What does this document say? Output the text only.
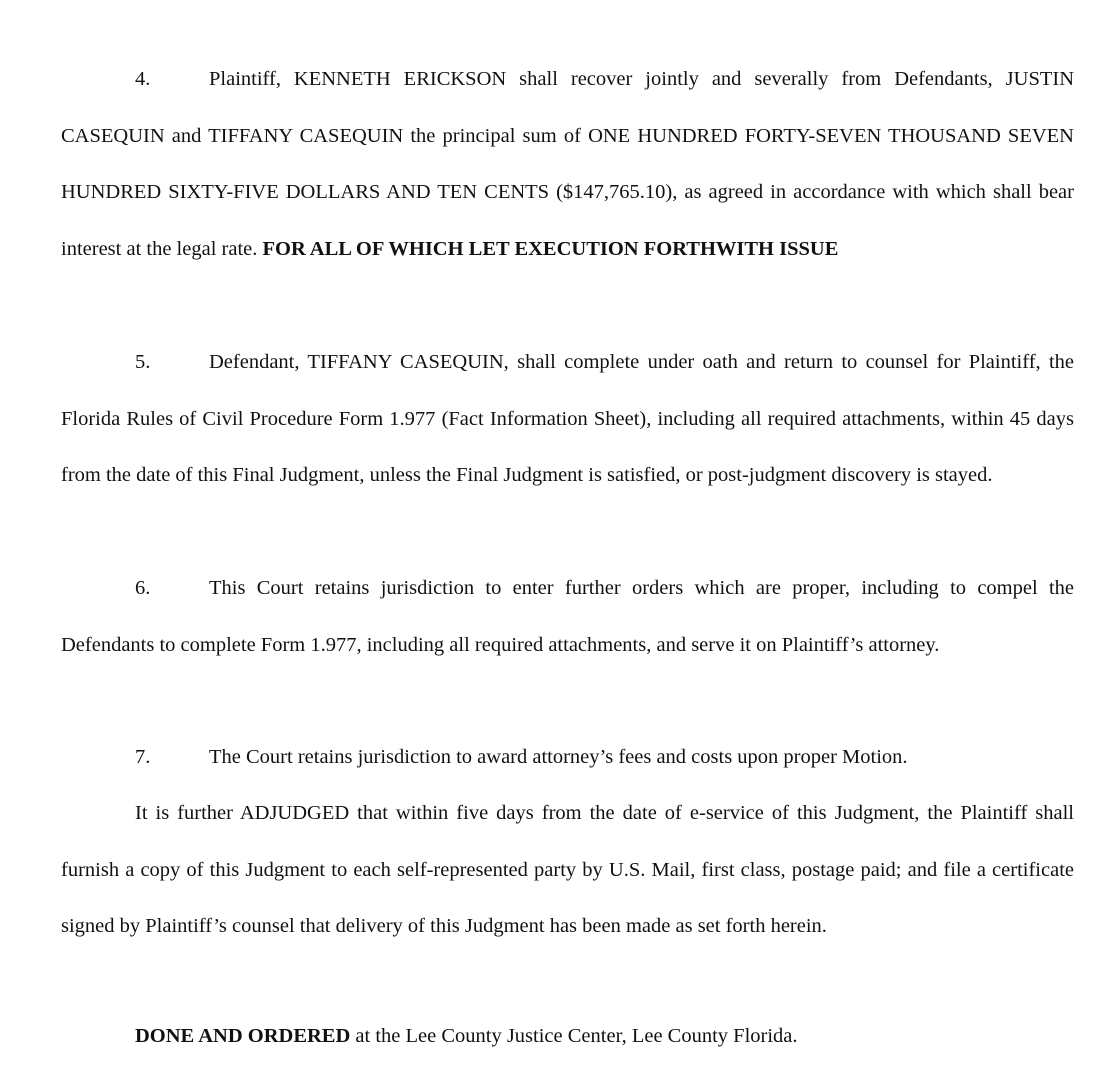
4.	Plaintiff, KENNETH ERICKSON shall recover jointly and severally from Defendants, JUSTIN CASEQUIN and TIFFANY CASEQUIN the principal sum of ONE HUNDRED FORTY-SEVEN THOUSAND SEVEN HUNDRED SIXTY-FIVE DOLLARS AND TEN CENTS ($147,765.10), as agreed in accordance with which shall bear interest at the legal rate. FOR ALL OF WHICH LET EXECUTION FORTHWITH ISSUE

5.	Defendant, TIFFANY CASEQUIN, shall complete under oath and return to counsel for Plaintiff, the Florida Rules of Civil Procedure Form 1.977 (Fact Information Sheet), including all required attachments, within 45 days from the date of this Final Judgment, unless the Final Judgment is satisfied, or post-judgment discovery is stayed.

6.	This Court retains jurisdiction to enter further orders which are proper, including to compel the Defendants to complete Form 1.977, including all required attachments, and serve it on Plaintiff’s attorney.

7.	The Court retains jurisdiction to award attorney’s fees and costs upon proper Motion.

It is further ADJUDGED that within five days from the date of e-service of this Judgment, the Plaintiff shall furnish a copy of this Judgment to each self-represented party by U.S. Mail, first class, postage paid; and file a certificate signed by Plaintiff’s counsel that delivery of this Judgment has been made as set forth herein.

DONE AND ORDERED at the Lee County Justice Center, Lee County Florida.
